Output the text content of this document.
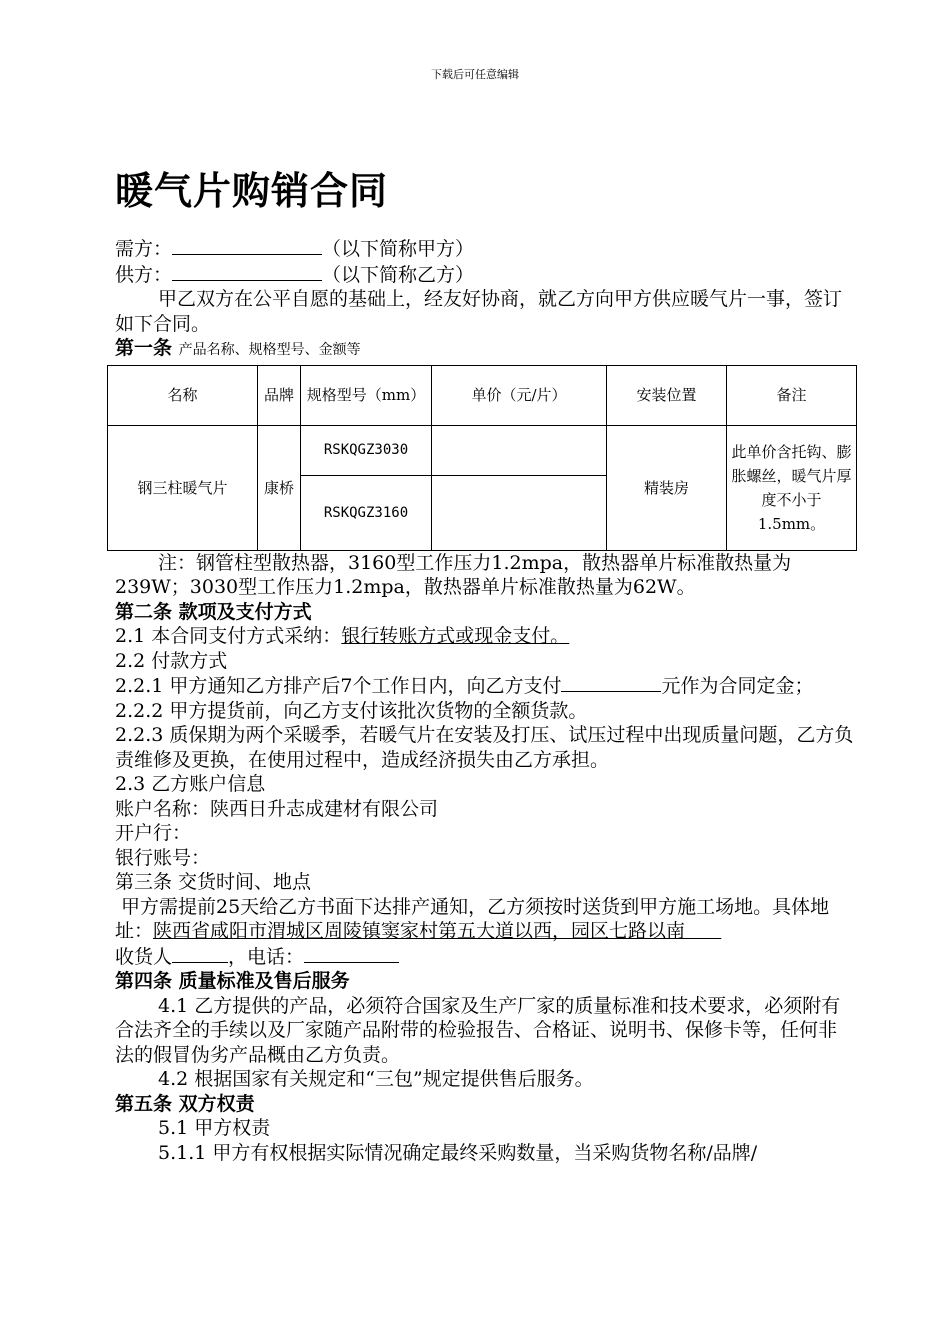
下载后可任意编辑
暖气片购销合同
需方：	（以下简称甲方）
供方：	（以下简称乙方）
甲乙双方在公平自愿的基础上，经友好协商，就乙方向甲方供应暖气片一事，签订如下合同。
第一条 产品名称、规格型号、金额等
名称	品牌	规格型号（mm）	单价（元/片）	安装位置	备注
钢三柱暖气片	康桥	RSKQGZ3030		精装房	此单价含托钩、膨胀螺丝，暖气片厚度不小于1.5mm。
		RSKQGZ3160			
注：钢管柱型散热器，3160型工作压力1.2mpa，散热器单片标准散热量为239W；3030型工作压力1.2mpa，散热器单片标准散热量为62W。
第二条 款项及支付方式
2.1 本合同支付方式采纳：银行转账方式或现金支付。
2.2 付款方式
2.2.1 甲方通知乙方排产后7个工作日内，向乙方支付	元作为合同定金；
2.2.2 甲方提货前，向乙方支付该批次货物的全额货款。
2.2.3 质保期为两个采暖季，若暖气片在安装及打压、试压过程中出现质量问题，乙方负责维修及更换，在使用过程中，造成经济损失由乙方承担。
2.3 乙方账户信息
账户名称：陕西日升志成建材有限公司
开户行：
银行账号：
第三条 交货时间、地点
甲方需提前25天给乙方书面下达排产通知，乙方须按时送货到甲方施工场地。具体地址：陕西省咸阳市渭城区周陵镇窦家村第五大道以西，园区七路以南
收货人	，电话：
第四条 质量标准及售后服务
4.1 乙方提供的产品，必须符合国家及生产厂家的质量标准和技术要求，必须附有合法齐全的手续以及厂家随产品附带的检验报告、合格证、说明书、保修卡等，任何非法的假冒伪劣产品概由乙方负责。
4.2 根据国家有关规定和“三包”规定提供售后服务。
第五条 双方权责
5.1 甲方权责
5.1.1 甲方有权根据实际情况确定最终采购数量，当采购货物名称/品牌/
